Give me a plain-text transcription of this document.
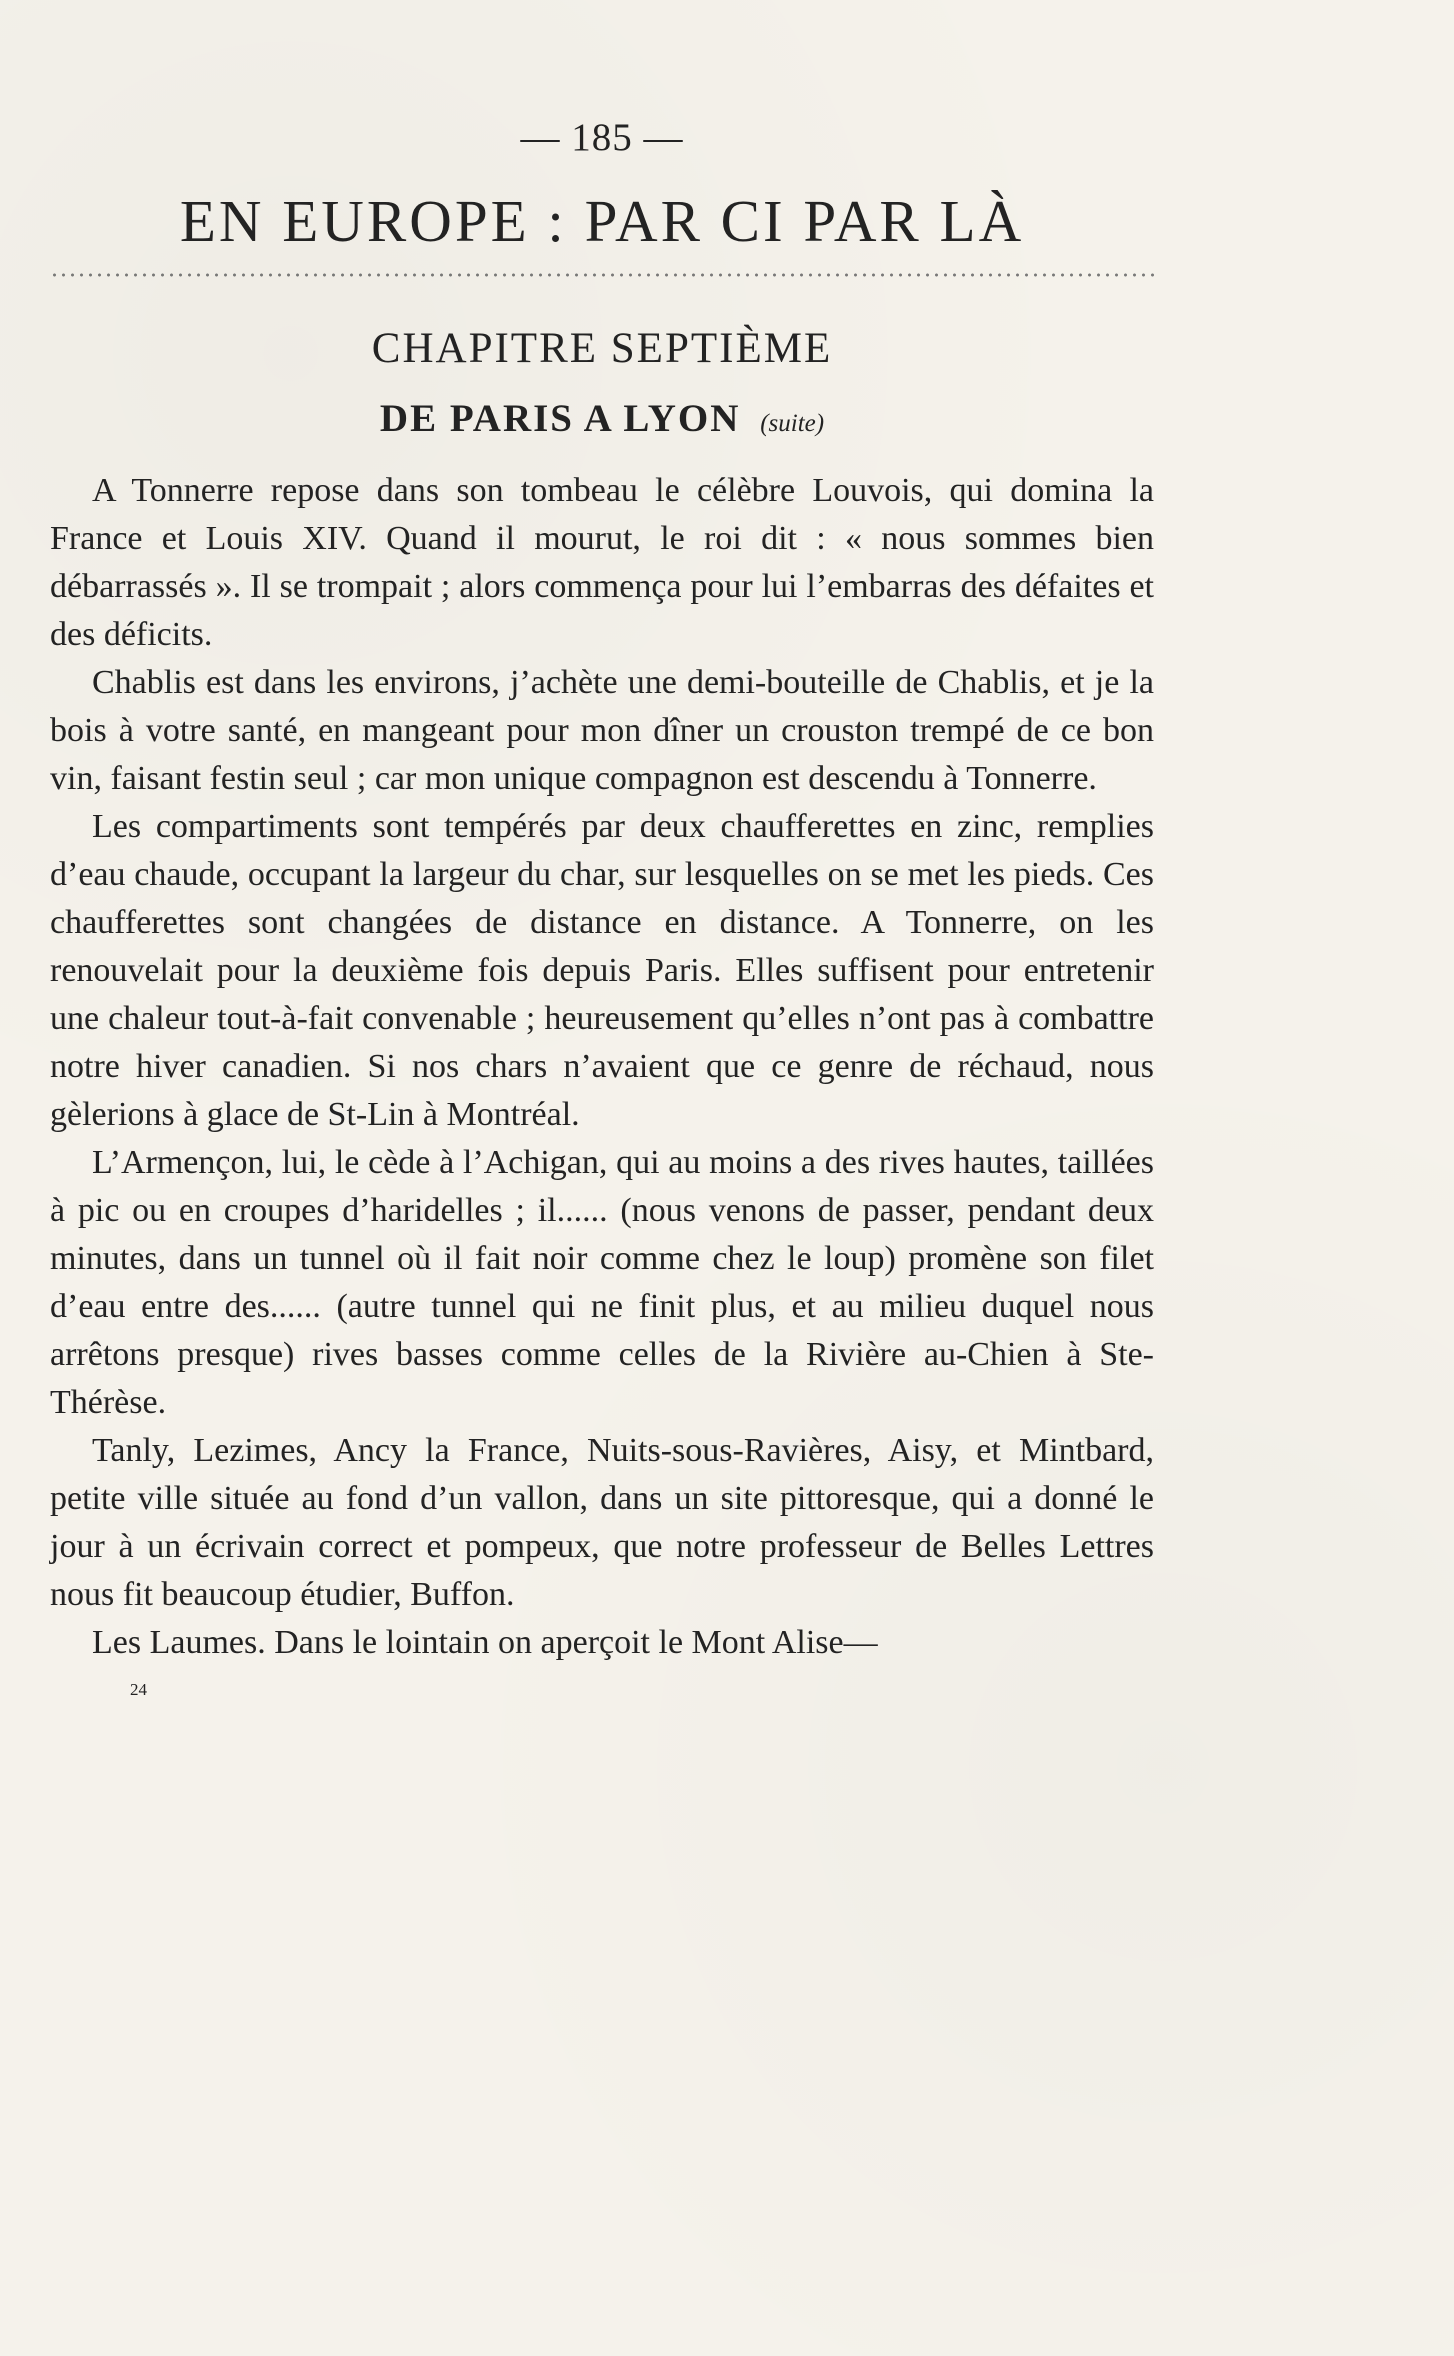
— 185 —
EN EUROPE : PAR CI PAR LÀ
CHAPITRE SEPTIÈME
DE PARIS A LYON (suite)

A Tonnerre repose dans son tombeau le célèbre Louvois, qui domina la France et Louis XIV. Quand il mourut, le roi dit : « nous sommes bien débarrassés ». Il se trompait ; alors commença pour lui l’embarras des défaites et des déficits.

Chablis est dans les environs, j’achète une demi-bouteille de Chablis, et je la bois à votre santé, en mangeant pour mon dîner un crouston trempé de ce bon vin, faisant festin seul ; car mon unique compagnon est descendu à Tonnerre.

Les compartiments sont tempérés par deux chaufferettes en zinc, remplies d’eau chaude, occupant la largeur du char, sur lesquelles on se met les pieds. Ces chaufferettes sont changées de distance en distance. A Tonnerre, on les renouvelait pour la deuxième fois depuis Paris. Elles suffisent pour entretenir une chaleur tout-à-fait convenable ; heureusement qu’elles n’ont pas à combattre notre hiver canadien. Si nos chars n’avaient que ce genre de réchaud, nous gèlerions à glace de St-Lin à Montréal.

L’Armençon, lui, le cède à l’Achigan, qui au moins a des rives hautes, taillées à pic ou en croupes d’haridelles ; il...... (nous venons de passer, pendant deux minutes, dans un tunnel où il fait noir comme chez le loup) promène son filet d’eau entre des...... (autre tunnel qui ne finit plus, et au milieu duquel nous arrêtons presque) rives basses comme celles de la Rivière au-Chien à Ste-Thérèse.

Tanly, Lezimes, Ancy la France, Nuits-sous-Ravières, Aisy, et Mintbard, petite ville située au fond d’un vallon, dans un site pittoresque, qui a donné le jour à un écrivain correct et pompeux, que notre professeur de Belles Lettres nous fit beaucoup étudier, Buffon.

Les Laumes. Dans le lointain on aperçoit le Mont Alise—

24
